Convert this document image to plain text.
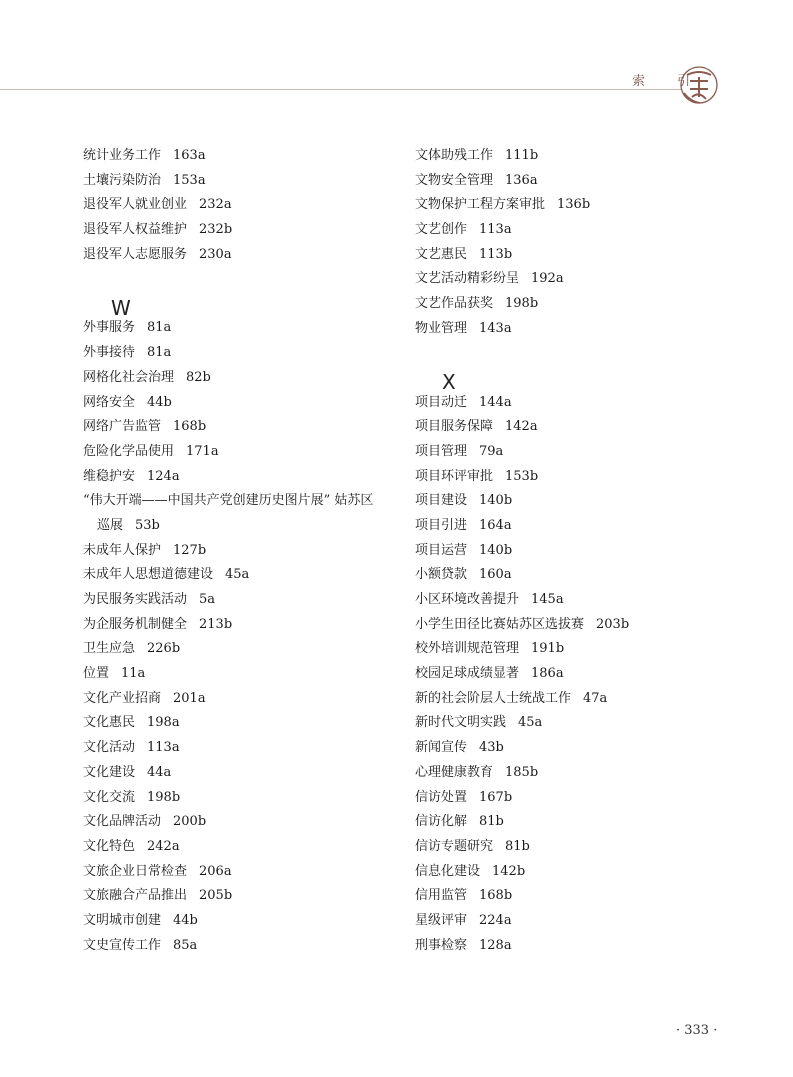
索 引
统计业务工作 163a
土壤污染防治 153a
退役军人就业创业 232a
退役军人权益维护 232b
退役军人志愿服务 230a
外事服务 81a
外事接待 81a
网格化社会治理 82b
网络安全 44b
网络广告监管 168b
危险化学品使用 171a
维稳护安 124a
“伟大开端——中国共产党创建历史图片展” 姑苏区
巡展 53b
未成年人保护 127b
未成年人思想道德建设 45a
为民服务实践活动 5a
为企服务机制健全 213b
卫生应急 226b
位置 11a
文化产业招商 201a
文化惠民 198a
文化活动 113a
文化建设 44a
文化交流 198b
文化品牌活动 200b
文化特色 242a
文旅企业日常检查 206a
文旅融合产品推出 205b
文明城市创建 44b
文史宣传工作 85a
W
文体助残工作 111b
文物安全管理 136a
文物保护工程方案审批 136b
文艺创作 113a
文艺惠民 113b
文艺活动精彩纷呈 192a
文艺作品获奖 198b
物业管理 143a
项目动迁 144a
项目服务保障 142a
项目管理 79a
项目环评审批 153b
项目建设 140b
项目引进 164a
项目运营 140b
小额贷款 160a
小区环境改善提升 145a
小学生田径比赛姑苏区选拔赛 203b
校外培训规范管理 191b
校园足球成绩显著 186a
新的社会阶层人士统战工作 47a
新时代文明实践 45a
新闻宣传 43b
心理健康教育 185b
信访处置 167b
信访化解 81b
信访专题研究 81b
信息化建设 142b
信用监管 168b
星级评审 224a
刑事检察 128a
X
· 333 ·
